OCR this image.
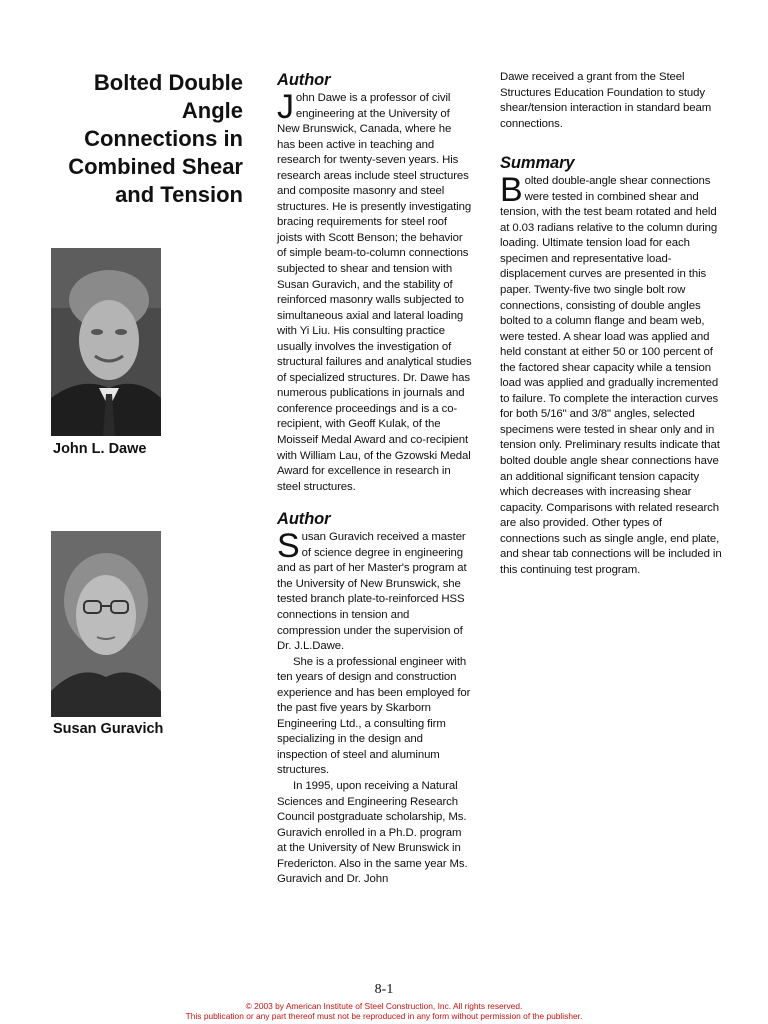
Bolted Double
Angle
Connections in
Combined Shear
and Tension

John L. Dawe

Susan Guravich

Author

John Dawe is a professor of civil engineering at the University of New Brunswick, Canada, where he has been active in teaching and research for twenty-seven years. His research areas include steel structures and composite masonry and steel structures. He is presently investigating bracing requirements for steel roof joists with Scott Benson; the behavior of simple beam-to-column connections subjected to shear and tension with Susan Guravich, and the stability of reinforced masonry walls subjected to simultaneous axial and lateral loading with Yi Liu. His consulting practice usually involves the investigation of structural failures and analytical studies of specialized structures. Dr. Dawe has numerous publications in journals and conference proceedings and is a co-recipient, with Geoff Kulak, of the Moisseif Medal Award and co-recipient with William Lau, of the Gzowski Medal Award for excellence in research in steel structures.

Author

Susan Guravich received a master of science degree in engineering and as part of her Master's program at the University of New Brunswick, she tested branch plate-to-reinforced HSS connections in tension and compression under the supervision of Dr. J.L.Dawe.

She is a professional engineer with ten years of design and construction experience and has been employed for the past five years by Skarborn Engineering Ltd., a consulting firm specializing in the design and inspection of steel and aluminum structures.

In 1995, upon receiving a Natural Sciences and Engineering Research Council postgraduate scholarship, Ms. Guravich enrolled in a Ph.D. program at the University of New Brunswick in Fredericton. Also in the same year Ms. Guravich and Dr. John

Dawe received a grant from the Steel Structures Education Foundation to study shear/tension interaction in standard beam connections.

Summary

Bolted double-angle shear connections were tested in combined shear and tension, with the test beam rotated and held at 0.03 radians relative to the column during loading. Ultimate tension load for each specimen and representative load-displacement curves are presented in this paper. Twenty-five two single bolt row connections, consisting of double angles bolted to a column flange and beam web, were tested. A shear load was applied and held constant at either 50 or 100 percent of the factored shear capacity while a tension load was applied and gradually incremented to failure. To complete the interaction curves for both 5/16" and 3/8" angles, selected specimens were tested in shear only and in tension only. Preliminary results indicate that bolted double angle shear connections have an additional significant tension capacity which decreases with increasing shear capacity. Comparisons with related research are also provided. Other types of connections such as single angle, end plate, and shear tab connections will be included in this continuing test program.

8-1
© 2003 by American Institute of Steel Construction, Inc. All rights reserved.
This publication or any part thereof must not be reproduced in any form without permission of the publisher.
